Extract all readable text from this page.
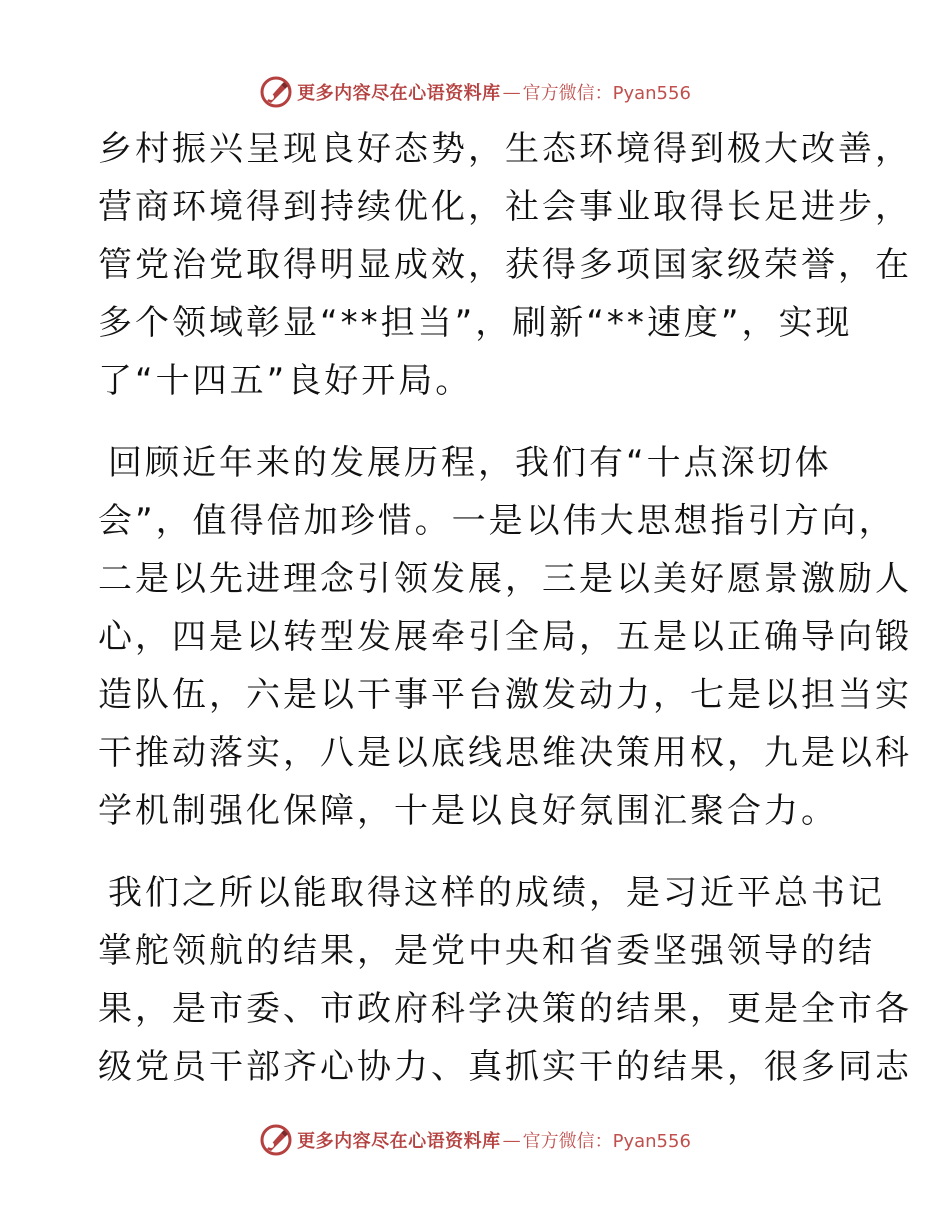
更多内容尽在心语资料库 — 官方微信：Pyan556
乡村振兴呈现良好态势，生态环境得到极大改善，
营商环境得到持续优化，社会事业取得长足进步，
管党治党取得明显成效，获得多项国家级荣誉，在
多个领域彰显“**担当”，刷新“**速度”，实现
了“十四五”良好开局。
回顾近年来的发展历程，我们有“十点深切体
会”，值得倍加珍惜。一是以伟大思想指引方向，
二是以先进理念引领发展，三是以美好愿景激励人
心，四是以转型发展牵引全局，五是以正确导向锻
造队伍，六是以干事平台激发动力，七是以担当实
干推动落实，八是以底线思维决策用权，九是以科
学机制强化保障，十是以良好氛围汇聚合力。
我们之所以能取得这样的成绩，是习近平总书记
掌舵领航的结果，是党中央和省委坚强领导的结
果，是市委、市政府科学决策的结果，更是全市各
级党员干部齐心协力、真抓实干的结果，很多同志
更多内容尽在心语资料库 — 官方微信：Pyan556
